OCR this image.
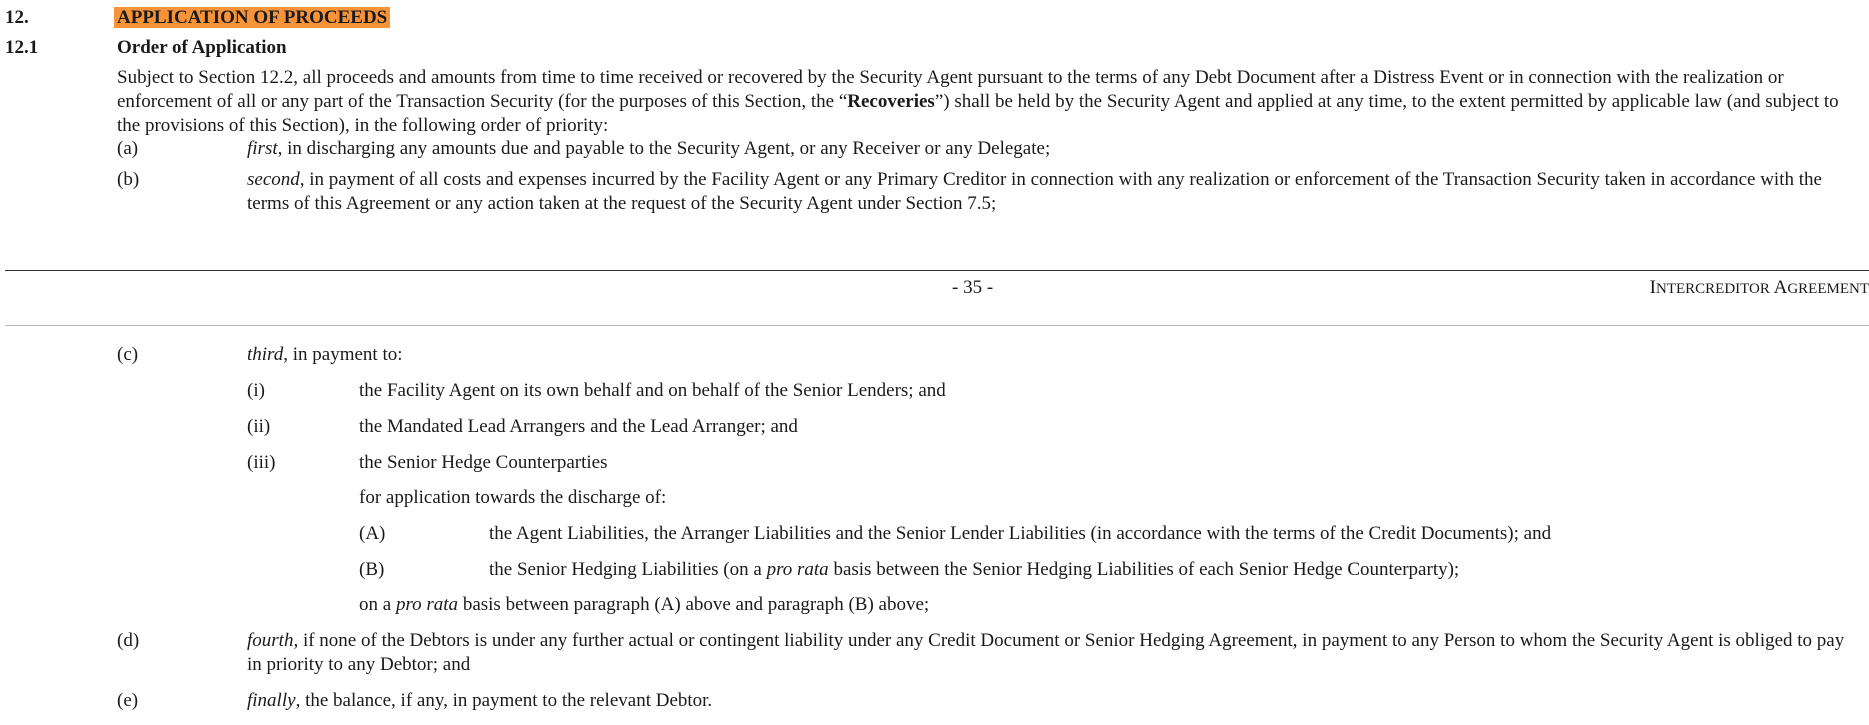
12.	APPLICATION OF PROCEEDS
12.1	Order of Application
Subject to Section 12.2, all proceeds and amounts from time to time received or recovered by the Security Agent pursuant to the terms of any Debt Document after a Distress Event or in connection with the realization or enforcement of all or any part of the Transaction Security (for the purposes of this Section, the “Recoveries”) shall be held by the Security Agent and applied at any time, to the extent permitted by applicable law (and subject to the provisions of this Section), in the following order of priority:
(a)	first, in discharging any amounts due and payable to the Security Agent, or any Receiver or any Delegate;
(b)	second, in payment of all costs and expenses incurred by the Facility Agent or any Primary Creditor in connection with any realization or enforcement of the Transaction Security taken in accordance with the terms of this Agreement or any action taken at the request of the Security Agent under Section 7.5;
- 35 -	INTERCREDITOR AGREEMENT
(c)	third, in payment to:
(i)	the Facility Agent on its own behalf and on behalf of the Senior Lenders; and
(ii)	the Mandated Lead Arrangers and the Lead Arranger; and
(iii)	the Senior Hedge Counterparties
for application towards the discharge of:
(A)	the Agent Liabilities, the Arranger Liabilities and the Senior Lender Liabilities (in accordance with the terms of the Credit Documents); and
(B)	the Senior Hedging Liabilities (on a pro rata basis between the Senior Hedging Liabilities of each Senior Hedge Counterparty);
on a pro rata basis between paragraph (A) above and paragraph (B) above;
(d)	fourth, if none of the Debtors is under any further actual or contingent liability under any Credit Document or Senior Hedging Agreement, in payment to any Person to whom the Security Agent is obliged to pay in priority to any Debtor; and
(e)	finally, the balance, if any, in payment to the relevant Debtor.
